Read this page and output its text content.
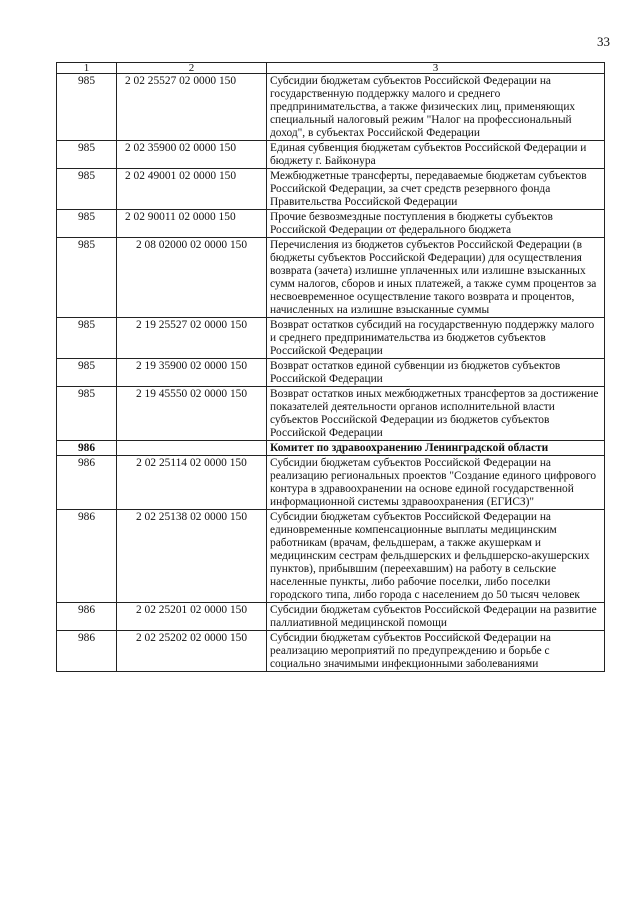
33
1	2	3
985	2 02 25527 02 0000 150	Субсидии бюджетам субъектов Российской Федерации на государственную поддержку малого и среднего предпринимательства, а также физических лиц, применяющих специальный налоговый режим "Налог на профессиональный доход", в субъектах Российской Федерации
985	2 02 35900 02 0000 150	Единая субвенция бюджетам субъектов Российской Федерации и бюджету г. Байконура
985	2 02 49001 02 0000 150	Межбюджетные трансферты, передаваемые бюджетам субъектов Российской Федерации, за счет средств резервного фонда Правительства Российской Федерации
985	2 02 90011 02 0000 150	Прочие безвозмездные поступления в бюджеты субъектов Российской Федерации от федерального бюджета
985	2 08 02000 02 0000 150	Перечисления из бюджетов субъектов Российской Федерации (в бюджеты субъектов Российской Федерации) для осуществления возврата (зачета) излишне уплаченных или излишне взысканных сумм налогов, сборов и иных платежей, а также сумм процентов за несвоевременное осуществление такого возврата и процентов, начисленных на излишне взысканные суммы
985	2 19 25527 02 0000 150	Возврат остатков субсидий на государственную поддержку малого и среднего предпринимательства из бюджетов субъектов Российской Федерации
985	2 19 35900 02 0000 150	Возврат остатков единой субвенции из бюджетов субъектов Российской Федерации
985	2 19 45550 02 0000 150	Возврат остатков иных межбюджетных трансфертов за достижение показателей деятельности органов исполнительной власти субъектов Российской Федерации из бюджетов субъектов Российской Федерации
986		Комитет по здравоохранению Ленинградской области
986	2 02 25114 02 0000 150	Субсидии бюджетам субъектов Российской Федерации на реализацию региональных проектов "Создание единого цифрового контура в здравоохранении на основе единой государственной информационной системы здравоохранения (ЕГИСЗ)"
986	2 02 25138 02 0000 150	Субсидии бюджетам субъектов Российской Федерации на единовременные компенсационные выплаты медицинским работникам (врачам, фельдшерам, а также акушеркам и медицинским сестрам фельдшерских и фельдшерско-акушерских пунктов), прибывшим (переехавшим) на работу в сельские населенные пункты, либо рабочие поселки, либо поселки городского типа, либо города с населением до 50 тысяч человек
986	2 02 25201 02 0000 150	Субсидии бюджетам субъектов Российской Федерации на развитие паллиативной медицинской помощи
986	2 02 25202 02 0000 150	Субсидии бюджетам субъектов Российской Федерации на реализацию мероприятий по предупреждению и борьбе с социально значимыми инфекционными заболеваниями
